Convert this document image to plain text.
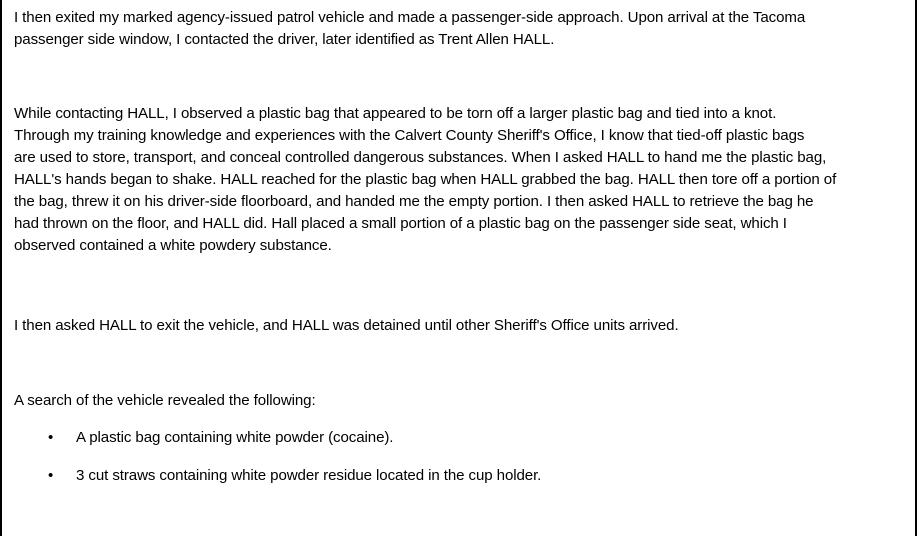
I then exited my marked agency-issued patrol vehicle and made a passenger-side approach. Upon arrival at the Tacoma
passenger side window, I contacted the driver, later identified as Trent Allen HALL.

While contacting HALL, I observed a plastic bag that appeared to be torn off a larger plastic bag and tied into a knot.
Through my training knowledge and experiences with the Calvert County Sheriff's Office, I know that tied-off plastic bags
are used to store, transport, and conceal controlled dangerous substances. When I asked HALL to hand me the plastic bag,
HALL's hands began to shake. HALL reached for the plastic bag when HALL grabbed the bag. HALL then tore off a portion of
the bag, threw it on his driver-side floorboard, and handed me the empty portion. I then asked HALL to retrieve the bag he
had thrown on the floor, and HALL did. Hall placed a small portion of a plastic bag on the passenger side seat, which I
observed contained a white powdery substance.

I then asked HALL to exit the vehicle, and HALL was detained until other Sheriff's Office units arrived.

A search of the vehicle revealed the following:

• A plastic bag containing white powder (cocaine).
• 3 cut straws containing white powder residue located in the cup holder.
